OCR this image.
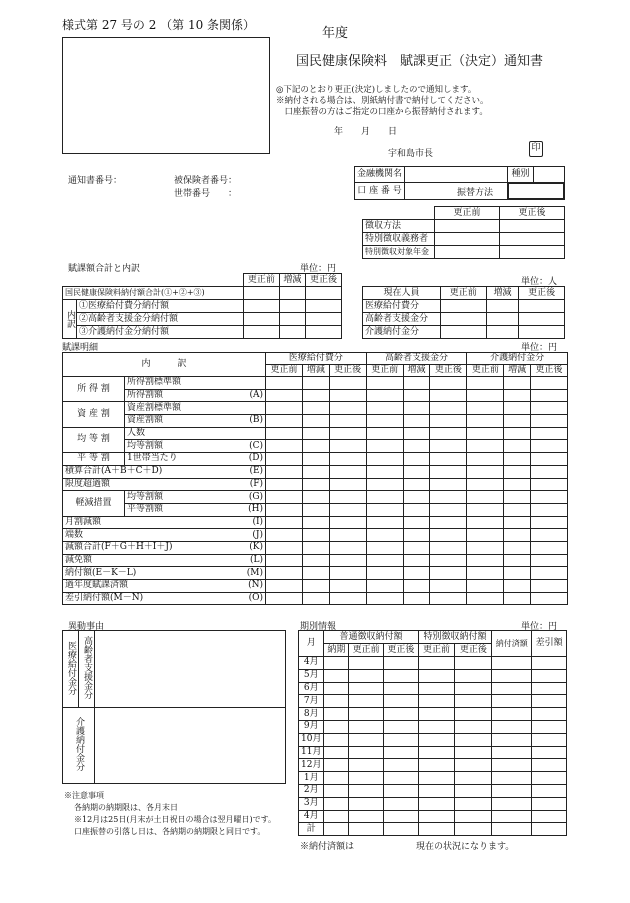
様式第 27 号の 2 （第 10 条関係）
年度
国民健康保険料　賦課更正（決定）通知書
◎下記のとおり更正(決定)しましたので通知します。
※納付される場合は、別紙納付書で納付してください。
　口座振替の方はご指定の口座から振替納付されます。
年　　月　　日
宇和島市長
印
通知書番号：	被保険者番号：
世帯番号　　：
金融機関名		種別	
口 座 番 号			振替方法
	更正前	更正後
徴収方法		
特別徴収義務者		
特別徴収対象年金		
賦課額合計と内訳	単位：円
		更正前	増減	更正後
国民健康保険料納付額合計(①+②+③)				
内訳	①医療給付費分納付額			
	②高齢者支援金分納付額			
	③介護納付金分納付額			
単位：人
現在人員	更正前	増減	更正後
医療給付費分			
高齢者支援金分			
介護納付金分			
賦課明細	単位：円
内　　　訳		医療給付費分			高齢者支援金分			介護納付金分		
		更正前	増減	更正後	更正前	増減	更正後	更正前	増減	更正後
所 得 割	所得割標準額

	所得割額 (A)									

資 産 割	資産割標準額

	資産割額 (B)									

均 等 割	人数

	均等割額 (C)									

平 等 割	1世帯当たり (D)									

積算合計(A＋B＋C＋D) (E)										

限度超過額 (F)										

軽減措置	均等割額 (G)									

	平等割額 (H)									

月割減額 (I)										

端数 (J)										

減額合計(F＋G＋H＋I＋J) (K)										

減免額 (L)										

納付額(E－K－L) (M)										

過年度賦課済額 (N)										

差引納付額(M－N) (O)										

異動事由
医療給付金分	高齢者支援金分	
介護納付金分		
※注意事項
各納期の納期限は、各月末日
※12月は25日(月末が土日祝日の場合は翌月曜日)です。
口座振替の引落し日は、各納期の納期限と同日です。
期別情報	単位：円
月	普通徴収納付額			特別徴収納付額		納付済額	差引額
	納期	更正前	更正後	更正前	更正後		
4月							
5月							
6月							
7月							
8月							
9月							
10月							
11月							
12月							
1月							
2月							
3月							
4月							
計							
※納付済額は	現在の状況になります。
